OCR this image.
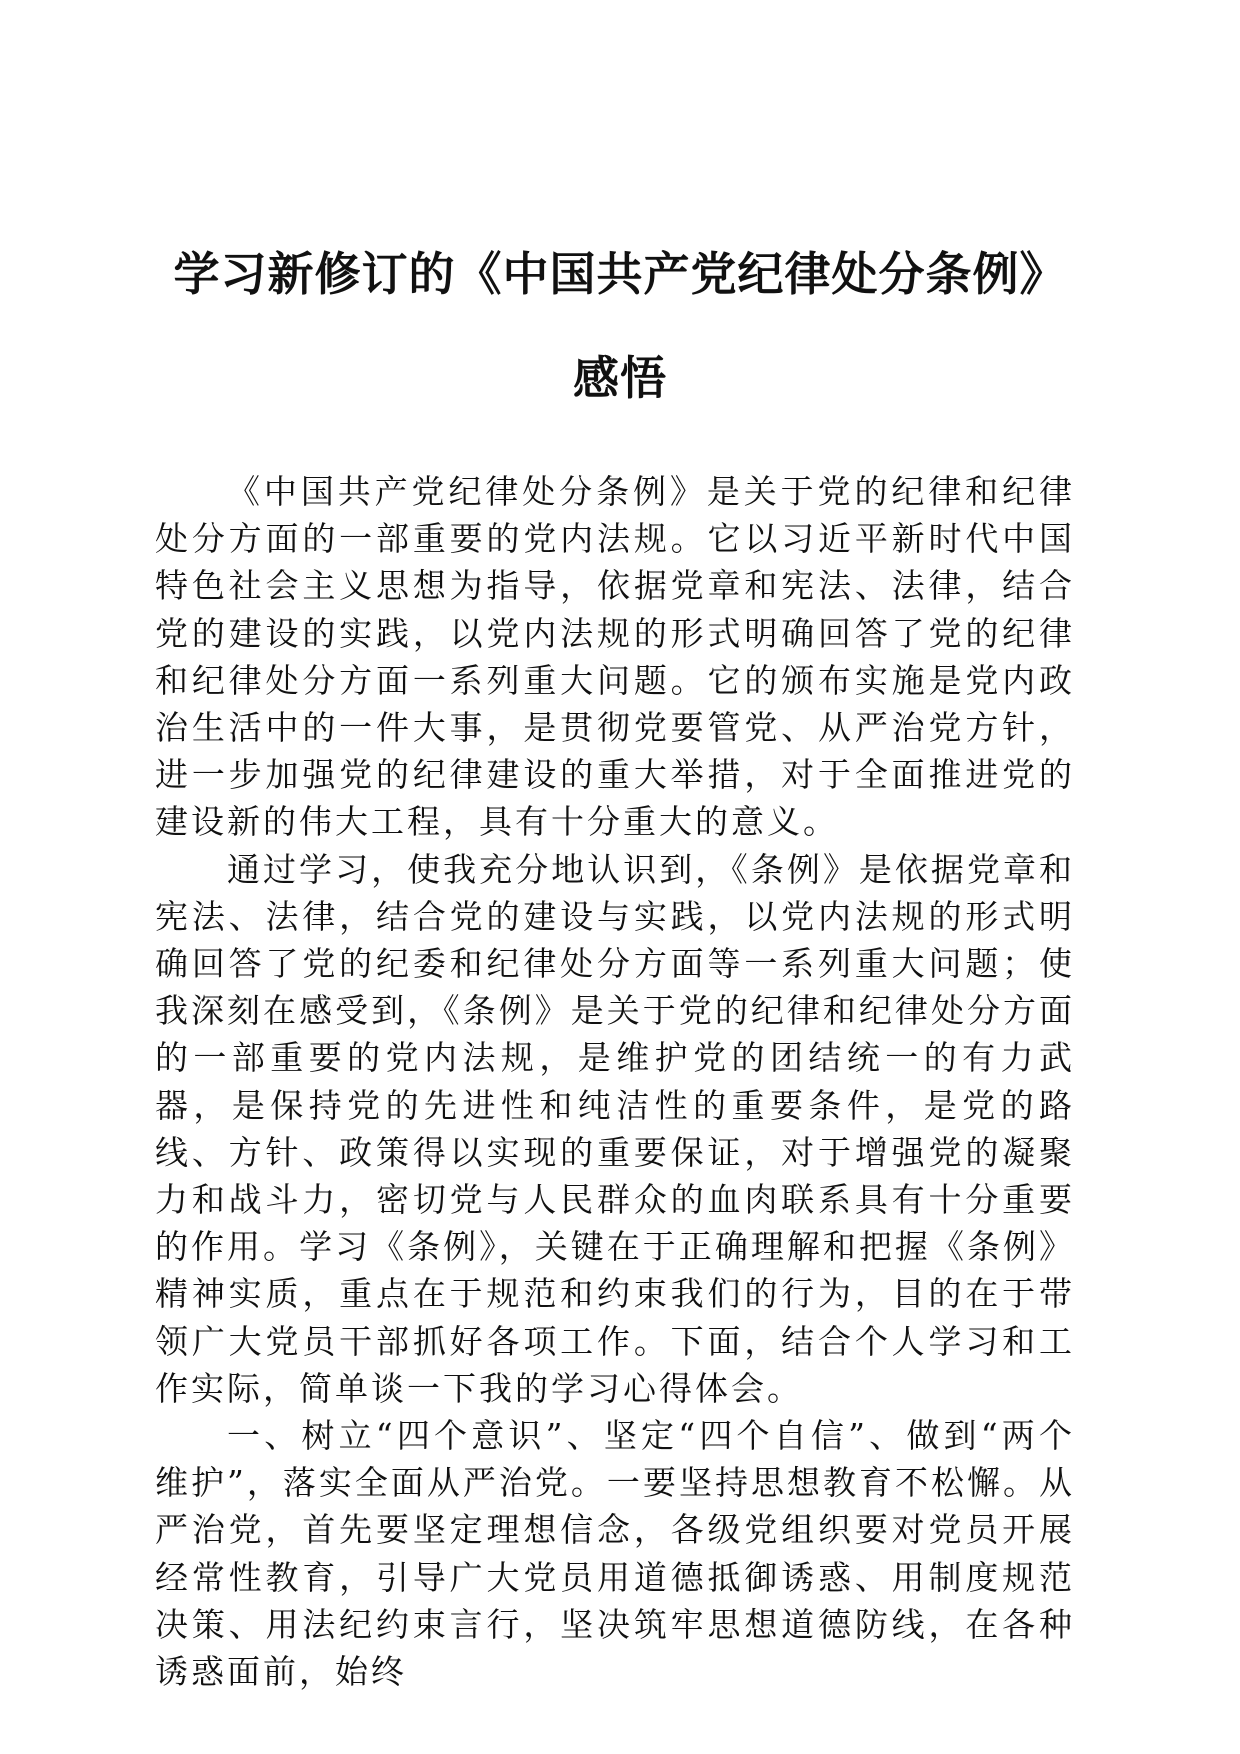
学习新修订的《中国共产党纪律处分条例》感悟

《中国共产党纪律处分条例》是关于党的纪律和纪律处分方面的一部重要的党内法规。它以习近平新时代中国特色社会主义思想为指导，依据党章和宪法、法律，结合党的建设的实践，以党内法规的形式明确回答了党的纪律和纪律处分方面一系列重大问题。它的颁布实施是党内政治生活中的一件大事，是贯彻党要管党、从严治党方针，进一步加强党的纪律建设的重大举措，对于全面推进党的建设新的伟大工程，具有十分重大的意义。

通过学习，使我充分地认识到，《条例》是依据党章和宪法、法律，结合党的建设与实践，以党内法规的形式明确回答了党的纪委和纪律处分方面等一系列重大问题；使我深刻在感受到，《条例》是关于党的纪律和纪律处分方面的一部重要的党内法规，是维护党的团结统一的有力武器，是保持党的先进性和纯洁性的重要条件，是党的路线、方针、政策得以实现的重要保证，对于增强党的凝聚力和战斗力，密切党与人民群众的血肉联系具有十分重要的作用。学习《条例》，关键在于正确理解和把握《条例》精神实质，重点在于规范和约束我们的行为，目的在于带领广大党员干部抓好各项工作。下面，结合个人学习和工作实际，简单谈一下我的学习心得体会。

一、树立“四个意识”、坚定“四个自信”、做到“两个维护”，落实全面从严治党。一要坚持思想教育不松懈。从严治党，首先要坚定理想信念，各级党组织要对党员开展经常性教育，引导广大党员用道德抵御诱惑、用制度规范决策、用法纪约束言行，坚决筑牢思想道德防线，在各种诱惑面前，始终
